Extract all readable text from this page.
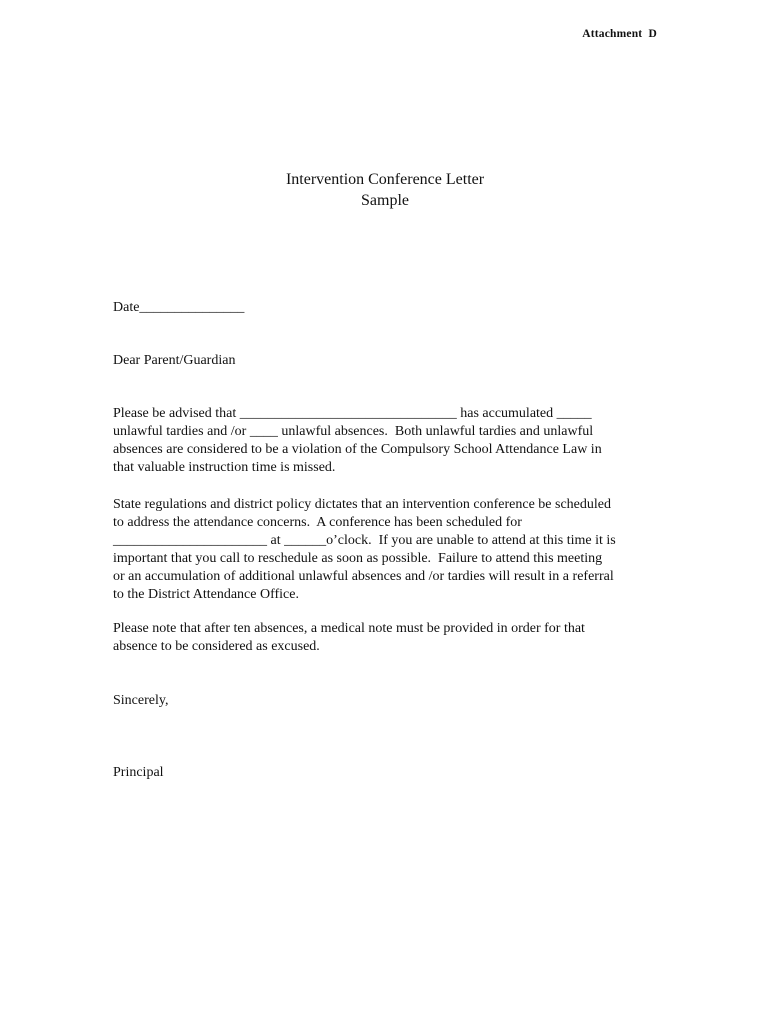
Attachment  D
Intervention Conference Letter
Sample
Date_______________
Dear Parent/Guardian
Please be advised that _______________________________ has accumulated _____
unlawful tardies and /or ____ unlawful absences.  Both unlawful tardies and unlawful
absences are considered to be a violation of the Compulsory School Attendance Law in
that valuable instruction time is missed.
State regulations and district policy dictates that an intervention conference be scheduled
to address the attendance concerns.  A conference has been scheduled for
______________________ at ______o’clock.  If you are unable to attend at this time it is
important that you call to reschedule as soon as possible.  Failure to attend this meeting
or an accumulation of additional unlawful absences and /or tardies will result in a referral
to the District Attendance Office.
Please note that after ten absences, a medical note must be provided in order for that
absence to be considered as excused.
Sincerely,
Principal
